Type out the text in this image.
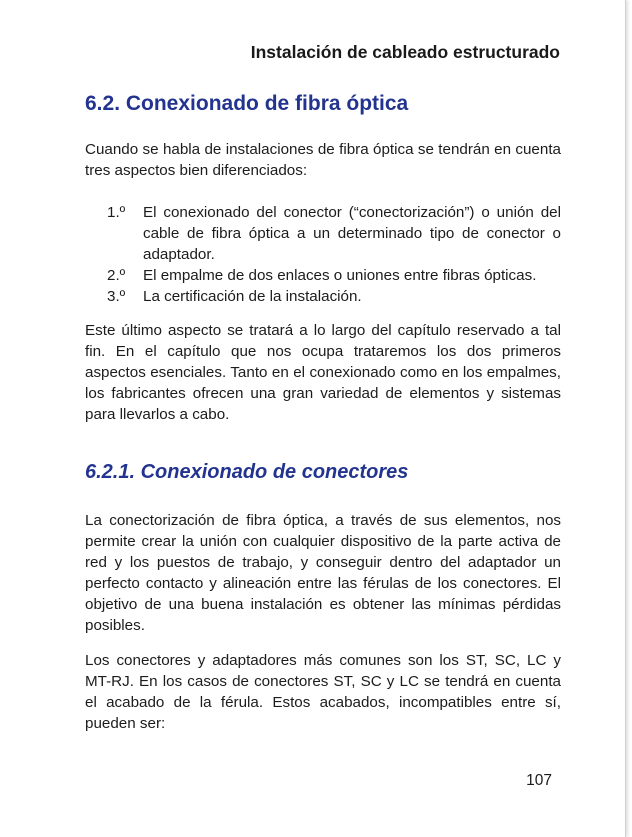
Instalación de cableado estructurado
6.2. Conexionado de fibra óptica

Cuando se habla de instalaciones de fibra óptica se tendrán en cuenta tres aspectos bien diferenciados:

1.º	El conexionado del conector (“conectorización”) o unión del cable de fibra óptica a un determinado tipo de conector o adaptador.
2.º	El empalme de dos enlaces o uniones entre fibras ópticas.
3.º	La certificación de la instalación.

Este último aspecto se tratará a lo largo del capítulo reservado a tal fin. En el capítulo que nos ocupa trataremos los dos primeros aspectos esenciales. Tanto en el conexionado como en los empalmes, los fabricantes ofrecen una gran variedad de elementos y sistemas para llevarlos a cabo.

6.2.1. Conexionado de conectores

La conectorización de fibra óptica, a través de sus elementos, nos permite crear la unión con cualquier dispositivo de la parte activa de red y los puestos de trabajo, y conseguir dentro del adaptador un perfecto contacto y alineación entre las férulas de los conectores. El objetivo de una buena instalación es obtener las mínimas pérdidas posibles.

Los conectores y adaptadores más comunes son los ST, SC, LC y MT-RJ. En los casos de conectores ST, SC y LC se tendrá en cuenta el acabado de la férula. Estos acabados, incompatibles entre sí, pueden ser:

107
